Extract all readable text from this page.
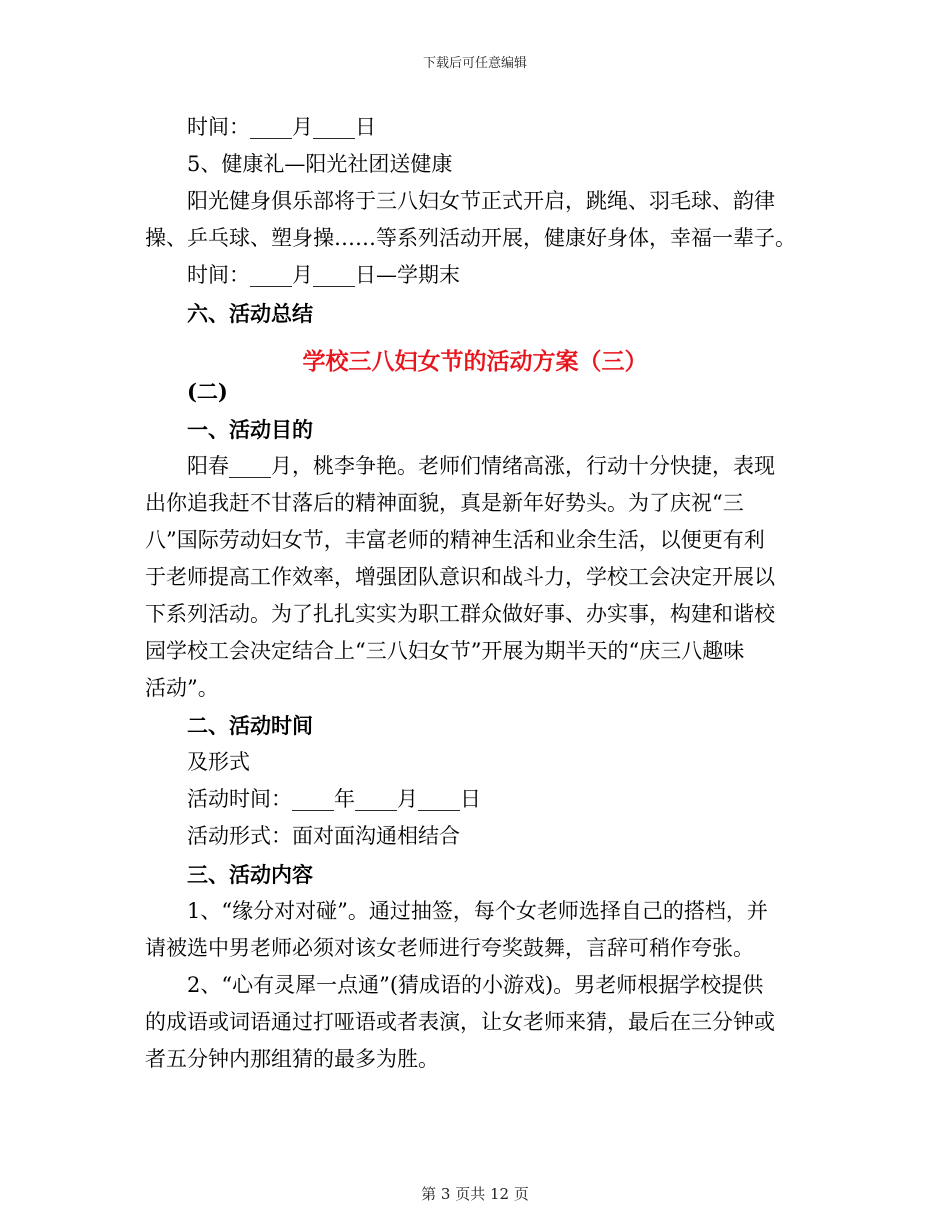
下载后可任意编辑
时间：____月____日
5、健康礼—阳光社团送健康
阳光健身俱乐部将于三八妇女节正式开启，跳绳、羽毛球、韵律
操、乒乓球、塑身操……等系列活动开展，健康好身体，幸福一辈子。
时间：____月____日—学期末
六、活动总结
学校三八妇女节的活动方案（三）
(二)
一、活动目的
阳春____月，桃李争艳。老师们情绪高涨，行动十分快捷，表现
出你追我赶不甘落后的精神面貌，真是新年好势头。为了庆祝“三
八”国际劳动妇女节，丰富老师的精神生活和业余生活，以便更有利
于老师提高工作效率，增强团队意识和战斗力，学校工会决定开展以
下系列活动。为了扎扎实实为职工群众做好事、办实事，构建和谐校
园学校工会决定结合上“三八妇女节”开展为期半天的“庆三八趣味
活动”。
二、活动时间
及形式
活动时间：____年____月____日
活动形式：面对面沟通相结合
三、活动内容
1、“缘分对对碰”。通过抽签，每个女老师选择自己的搭档，并
请被选中男老师必须对该女老师进行夸奖鼓舞，言辞可稍作夸张。
2、“心有灵犀一点通”(猜成语的小游戏)。男老师根据学校提供
的成语或词语通过打哑语或者表演，让女老师来猜，最后在三分钟或
者五分钟内那组猜的最多为胜。
第 3 页共 12 页
